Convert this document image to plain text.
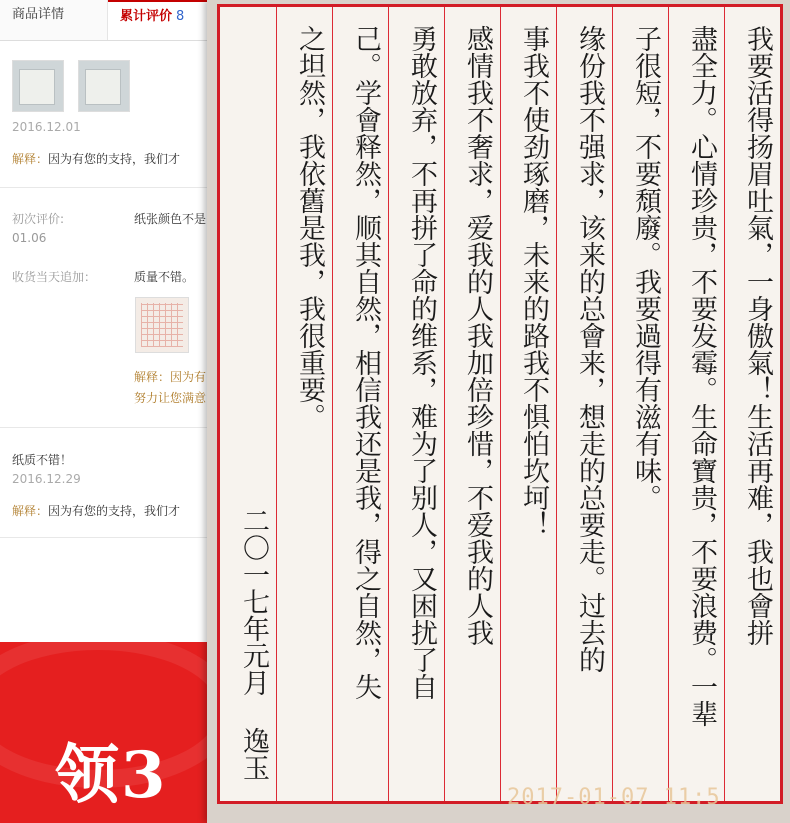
商品详情	累计评价 8
2016.12.01
解释：因为有您的支持，我们才
初次评价:
01.06
纸张颜色不是
收货当天追加：	质量不错。
解释：因为有
努力让您满意
纸质不错！
2016.12.29
解释：因为有您的支持，我们才
领3
我要活得扬眉吐氣，一身傲氣！生活再难，我也會拼
盡全力。心情珍贵，不要发霉。生命寶贵，不要浪费。一辈
子很短，不要頹廢。我要過得有滋有味。
缘份我不强求，该来的总會来，想走的总要走。过去的
事我不使劲琢磨，未来的路我不惧怕坎坷！
感情我不奢求，爱我的人我加倍珍惜，不爱我的人我
勇敢放弃，不再拼了命的维系，难为了别人，又困扰了自
己。学會释然，顺其自然，相信我还是我，得之自然，失
之坦然，我依舊是我，我很重要。
二〇一七年元月 逸玉
2017-01-07 11:5
